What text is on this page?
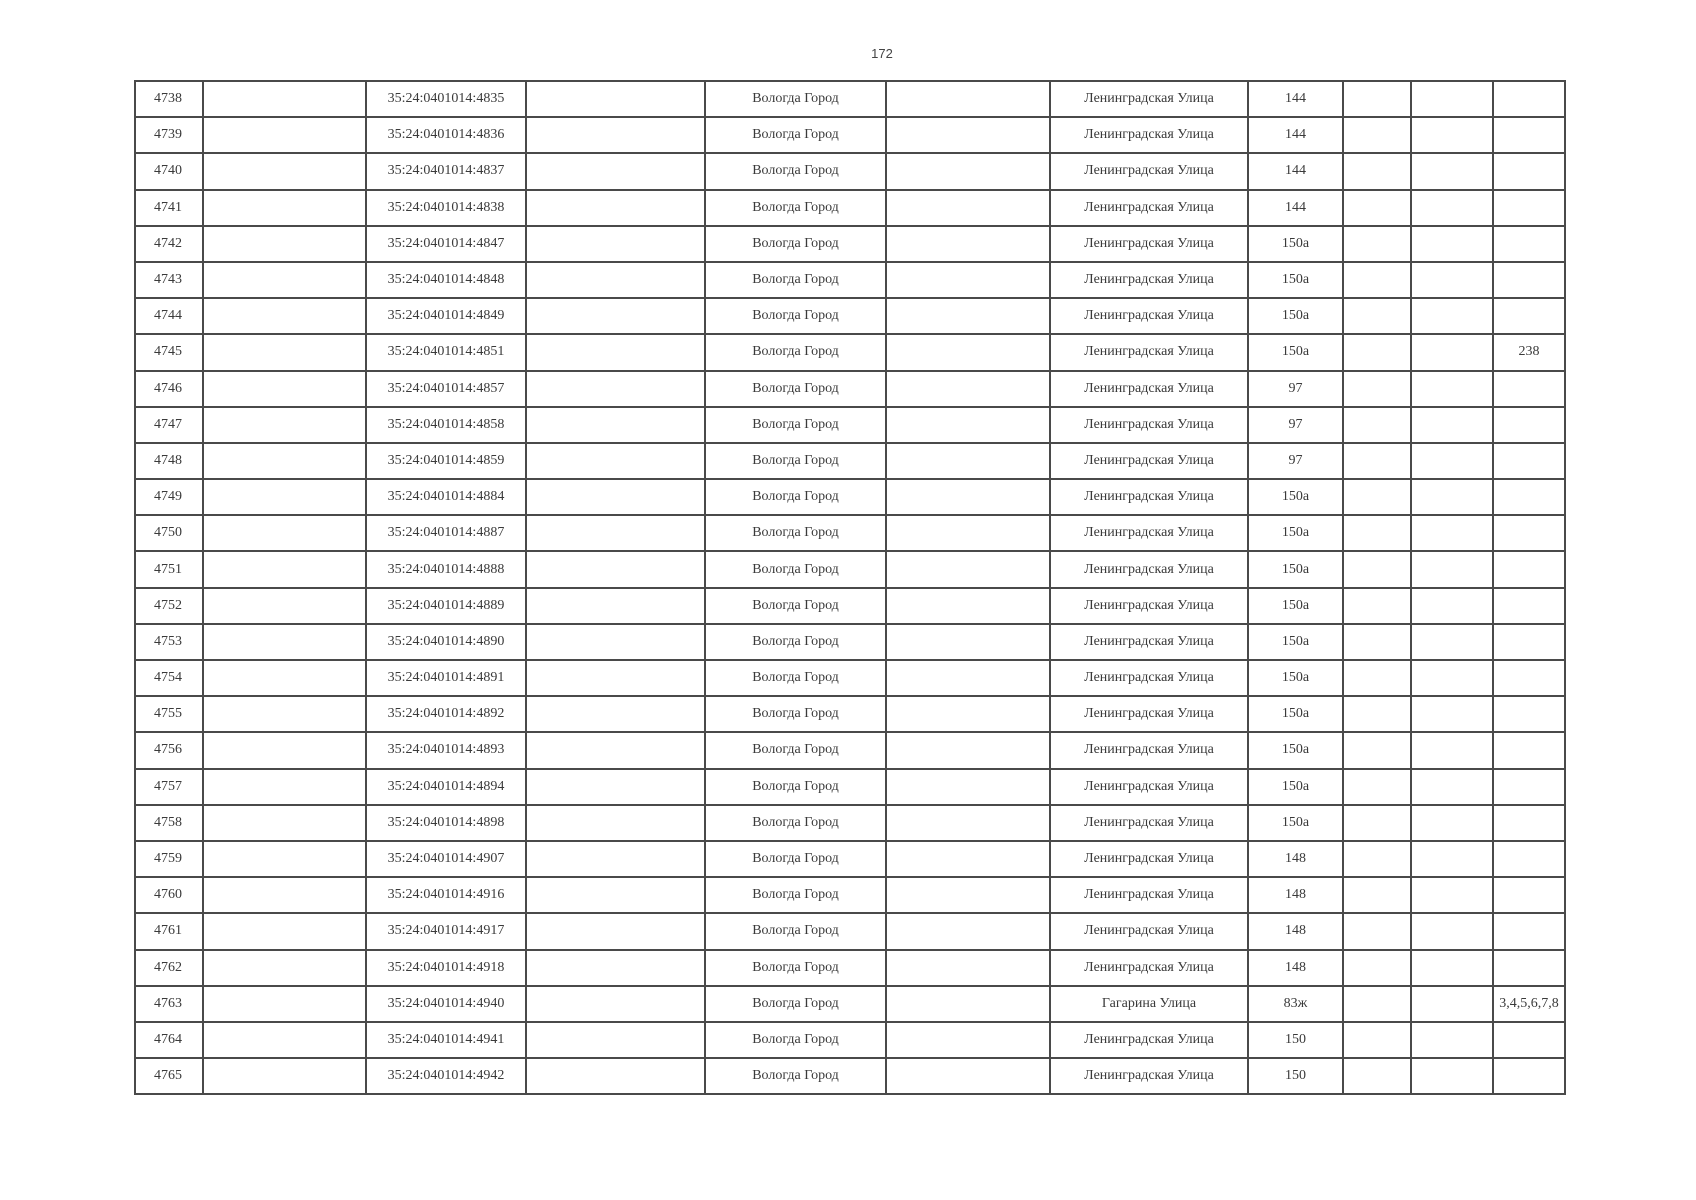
172
4738		35:24:0401014:4835		Вологда Город		Ленинградская Улица	144			
4739		35:24:0401014:4836		Вологда Город		Ленинградская Улица	144			
4740		35:24:0401014:4837		Вологда Город		Ленинградская Улица	144			
4741		35:24:0401014:4838		Вологда Город		Ленинградская Улица	144			
4742		35:24:0401014:4847		Вологда Город		Ленинградская Улица	150а			
4743		35:24:0401014:4848		Вологда Город		Ленинградская Улица	150а			
4744		35:24:0401014:4849		Вологда Город		Ленинградская Улица	150а			
4745		35:24:0401014:4851		Вологда Город		Ленинградская Улица	150а			238
4746		35:24:0401014:4857		Вологда Город		Ленинградская Улица	97			
4747		35:24:0401014:4858		Вологда Город		Ленинградская Улица	97			
4748		35:24:0401014:4859		Вологда Город		Ленинградская Улица	97			
4749		35:24:0401014:4884		Вологда Город		Ленинградская Улица	150а			
4750		35:24:0401014:4887		Вологда Город		Ленинградская Улица	150а			
4751		35:24:0401014:4888		Вологда Город		Ленинградская Улица	150а			
4752		35:24:0401014:4889		Вологда Город		Ленинградская Улица	150а			
4753		35:24:0401014:4890		Вологда Город		Ленинградская Улица	150а			
4754		35:24:0401014:4891		Вологда Город		Ленинградская Улица	150а			
4755		35:24:0401014:4892		Вологда Город		Ленинградская Улица	150а			
4756		35:24:0401014:4893		Вологда Город		Ленинградская Улица	150а			
4757		35:24:0401014:4894		Вологда Город		Ленинградская Улица	150а			
4758		35:24:0401014:4898		Вологда Город		Ленинградская Улица	150а			
4759		35:24:0401014:4907		Вологда Город		Ленинградская Улица	148			
4760		35:24:0401014:4916		Вологда Город		Ленинградская Улица	148			
4761		35:24:0401014:4917		Вологда Город		Ленинградская Улица	148			
4762		35:24:0401014:4918		Вологда Город		Ленинградская Улица	148			
4763		35:24:0401014:4940		Вологда Город		Гагарина Улица	83ж			3,4,5,6,7,8
4764		35:24:0401014:4941		Вологда Город		Ленинградская Улица	150			
4765		35:24:0401014:4942		Вологда Город		Ленинградская Улица	150			
